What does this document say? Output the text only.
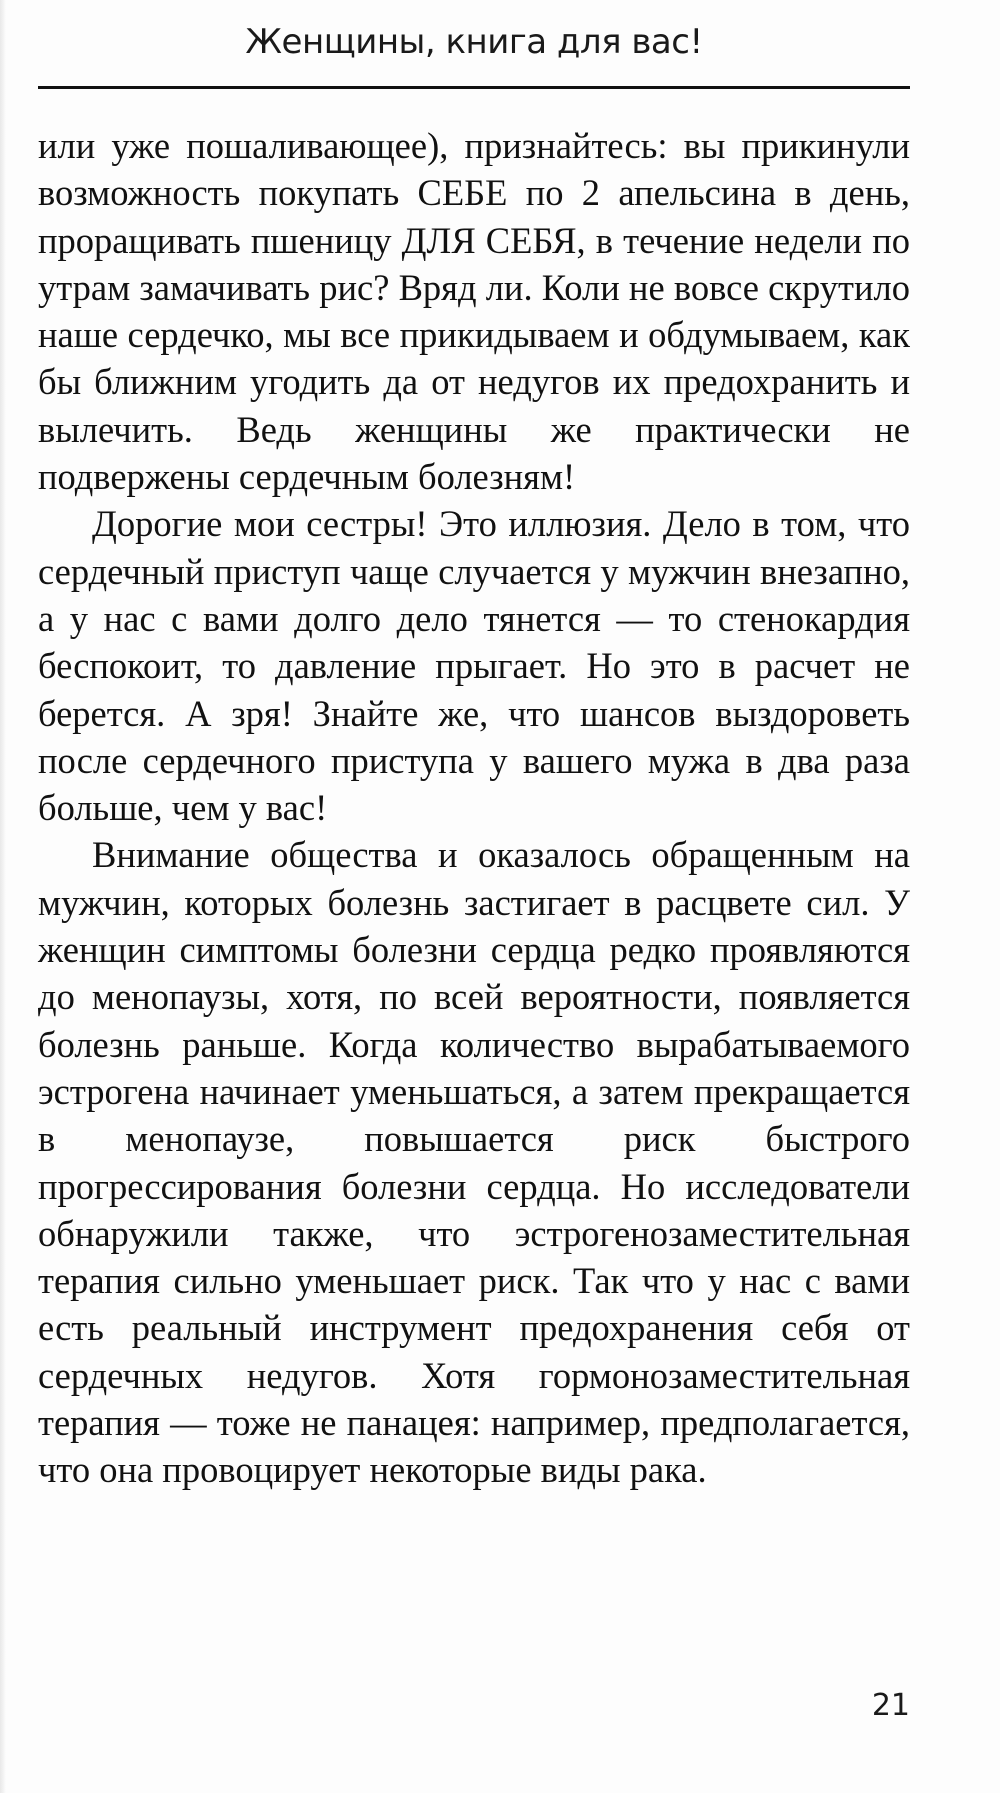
Женщины, книга для вас!

или уже пошаливающее), признайтесь: вы прикинули возможность покупать СЕБЕ по 2 апельсина в день, проращивать пшеницу ДЛЯ СЕБЯ, в течение недели по утрам замачивать рис? Вряд ли. Коли не вовсе скрутило наше сердечко, мы все прикидываем и обдумываем, как бы ближним угодить да от недугов их предохранить и вылечить. Ведь женщины же практически не подвержены сердечным болезням!

Дорогие мои сестры! Это иллюзия. Дело в том, что сердечный приступ чаще случается у мужчин внезапно, а у нас с вами долго дело тянется — то стенокардия беспокоит, то давление прыгает. Но это в расчет не берется. А зря! Знайте же, что шансов выздороветь после сердечного приступа у вашего мужа в два раза больше, чем у вас!

Внимание общества и оказалось обращенным на мужчин, которых болезнь застигает в расцвете сил. У женщин симптомы болезни сердца редко проявляются до менопаузы, хотя, по всей вероятности, появляется болезнь раньше. Когда количество вырабатываемого эстрогена начинает уменьшаться, а затем прекращается в менопаузе, повышается риск быстрого прогрессирования болезни сердца. Но исследователи обнаружили также, что эстрогенозаместительная терапия сильно уменьшает риск. Так что у нас с вами есть реальный инструмент предохранения себя от сердечных недугов. Хотя гормонозаместительная терапия — тоже не панацея: например, предполагается, что она провоцирует некоторые виды рака.

21
